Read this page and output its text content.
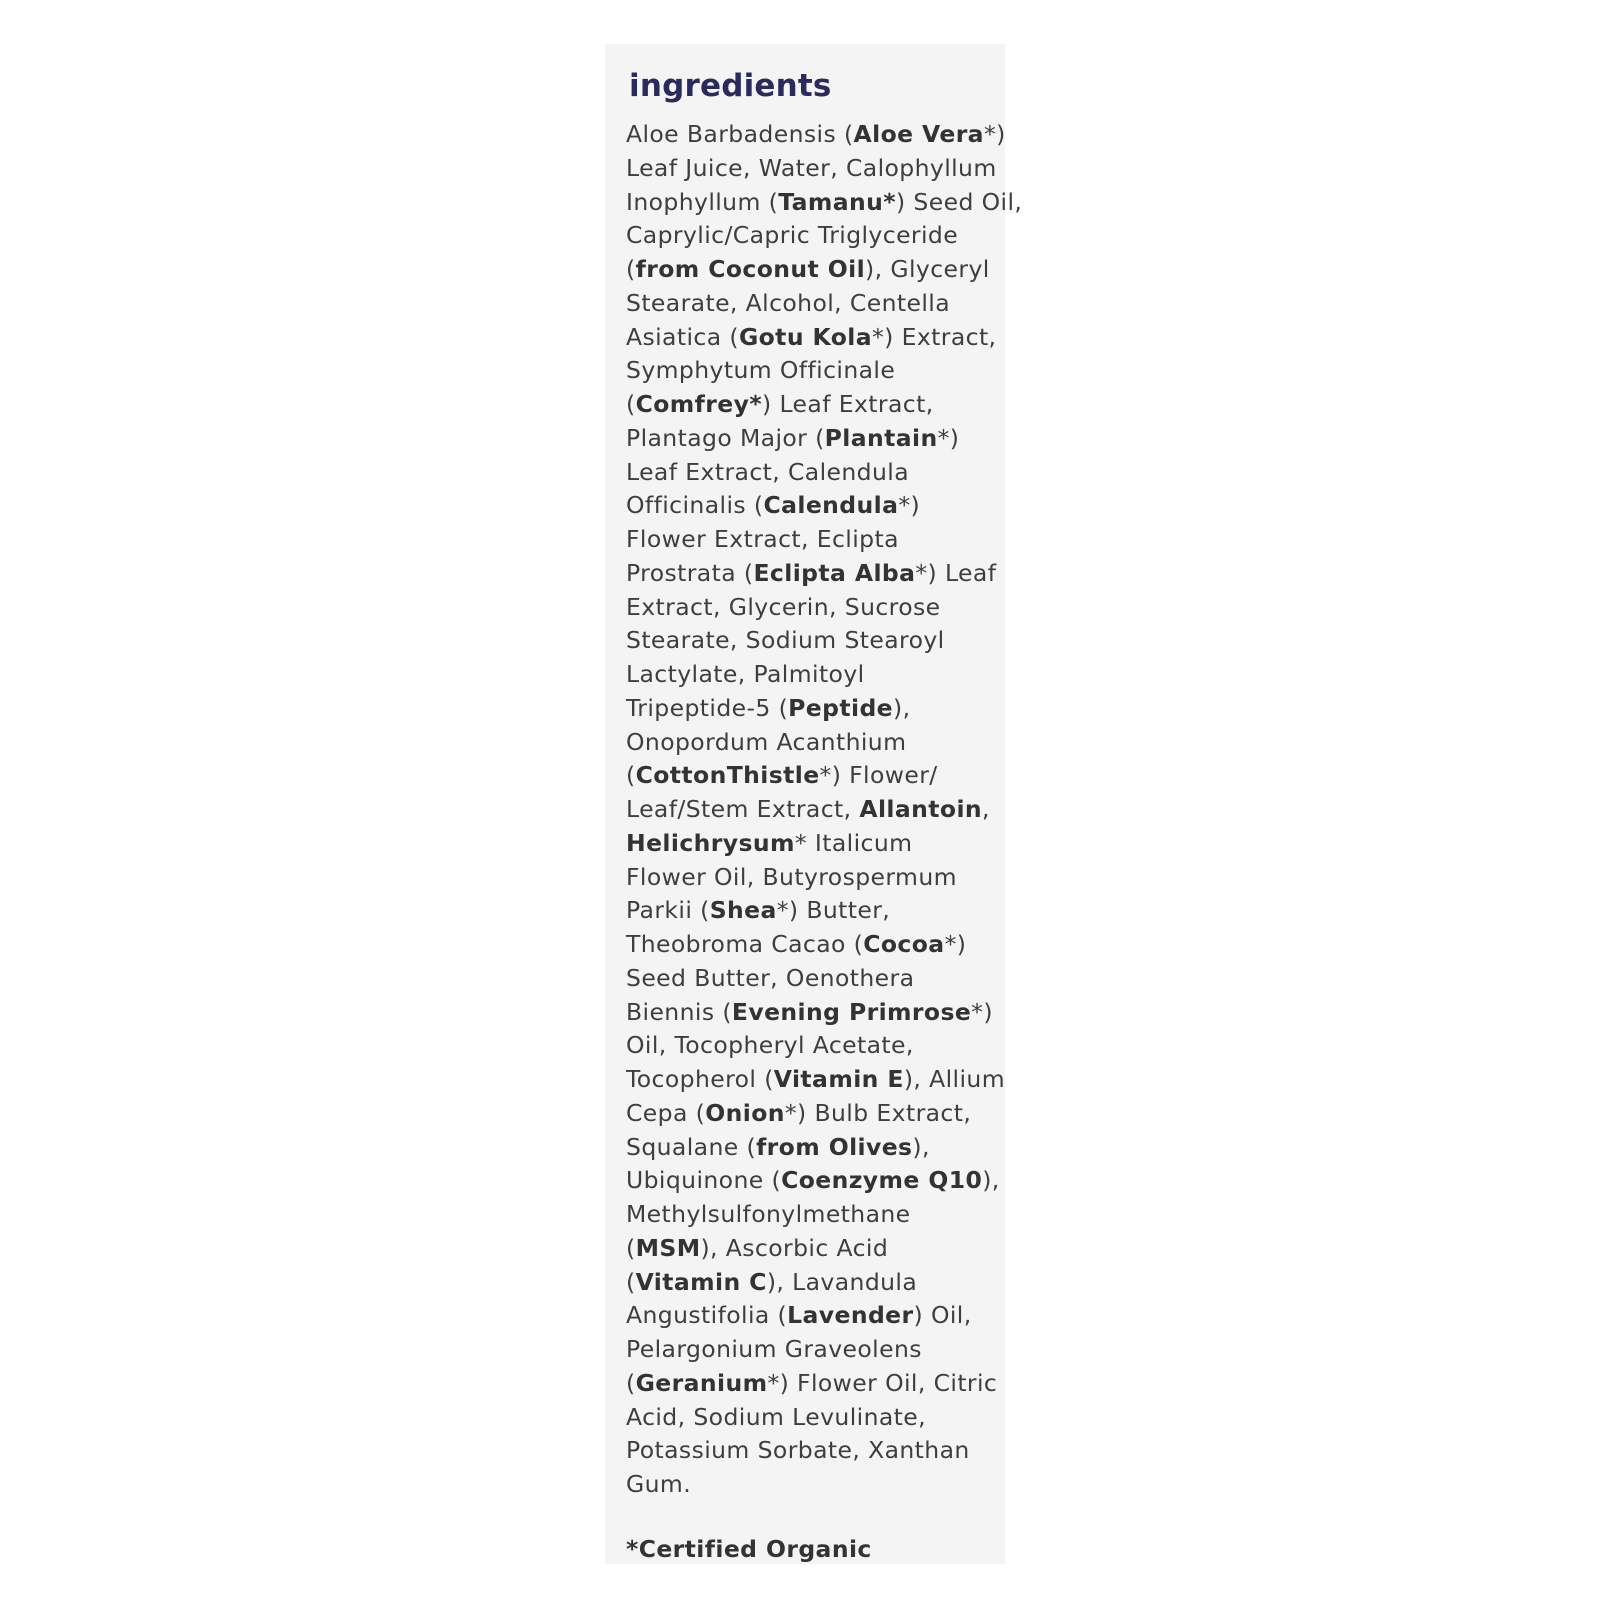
ingredients

Aloe Barbadensis (Aloe Vera*)
Leaf Juice, Water, Calophyllum
Inophyllum (Tamanu*) Seed Oil,
Caprylic/Capric Triglyceride
(from Coconut Oil), Glyceryl
Stearate, Alcohol, Centella
Asiatica (Gotu Kola*) Extract,
Symphytum Officinale
(Comfrey*) Leaf Extract,
Plantago Major (Plantain*)
Leaf Extract, Calendula
Officinalis (Calendula*)
Flower Extract, Eclipta
Prostrata (Eclipta Alba*) Leaf
Extract, Glycerin, Sucrose
Stearate, Sodium Stearoyl
Lactylate, Palmitoyl
Tripeptide-5 (Peptide),
Onopordum Acanthium
(CottonThistle*) Flower/
Leaf/Stem Extract, Allantoin,
Helichrysum* Italicum
Flower Oil, Butyrospermum
Parkii (Shea*) Butter,
Theobroma Cacao (Cocoa*)
Seed Butter, Oenothera
Biennis (Evening Primrose*)
Oil, Tocopheryl Acetate,
Tocopherol (Vitamin E), Allium
Cepa (Onion*) Bulb Extract,
Squalane (from Olives),
Ubiquinone (Coenzyme Q10),
Methylsulfonylmethane
(MSM), Ascorbic Acid
(Vitamin C), Lavandula
Angustifolia (Lavender) Oil,
Pelargonium Graveolens
(Geranium*) Flower Oil, Citric
Acid, Sodium Levulinate,
Potassium Sorbate, Xanthan
Gum.

*Certified Organic
